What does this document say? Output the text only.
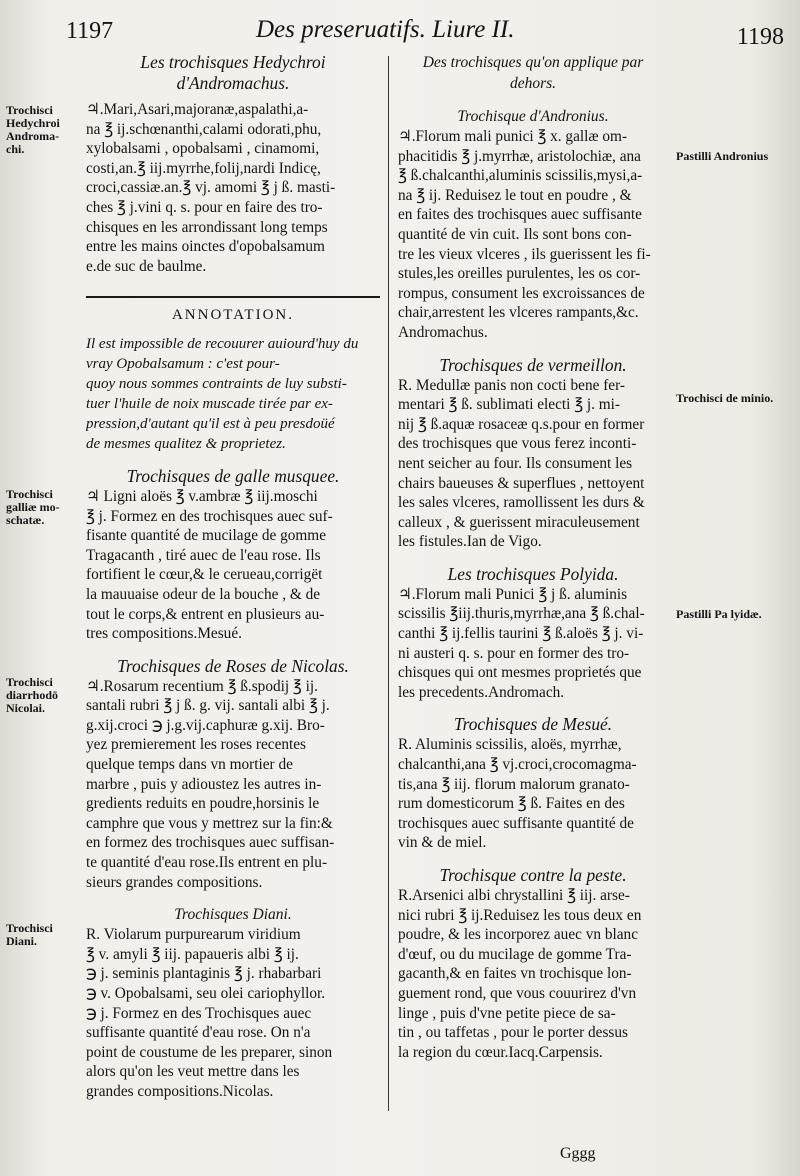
1197	Des preseruatifs. Liure II.	1198
Les trochisques Hedychroi d'Andromachus.
♃.Mari,Asari,majoranæ,aspalathi,a-
na ℥ ij.schœnanthi,calami odorati,phu,
xylobalsami , opobalsami , cinamomi,
costi,an.℥ iij.myrrhe,folij,nardi Indicę,
croci,cassiæ.an.℥ vj. amomi ℥ j ß. masti-
ches ℥ j.vini q. s. pour en faire des tro-
chisques en les arrondissant long temps
entre les mains oinctes d'opobalsamum
e.de suc de baulme.
ANNOTATION.
Il est impossible de recouurer auiourd'huy du vray Opobalsamum : c'est pour-
quoy nous sommes contraints de luy substi-
tuer l'huile de noix muscade tirée par ex-
pression,d'autant qu'il est à peu presdoüé
de mesmes qualitez & proprietez.
Trochisques de galle musquee.
♃ Ligni aloës ℥ v.ambræ ℥ iij.moschi
℥ j. Formez en des trochisques auec suf-
fisante quantité de mucilage de gomme
Tragacanth , tiré auec de l'eau rose. Ils
fortifient le cœur,& le cerueau,corrigët
la mauuaise odeur de la bouche , & de
tout le corps,& entrent en plusieurs au-
tres compositions.Mesué.
Trochisques de Roses de Nicolas.
♃.Rosarum recentium ℥ ß.spodij ℥ ij.
santali rubri ℥ j ß. g. vij. santali albi ℥ j.
g.xij.croci ℈ j.g.vij.caphuræ g.xij. Bro-
yez premierement les roses recentes
quelque temps dans vn mortier de
marbre , puis y adioustez les autres in-
gredients reduits en poudre,horsinis le
camphre que vous y mettrez sur la fin:&
en formez des trochisques auec suffisan-
te quantité d'eau rose.Ils entrent en plu-
sieurs grandes compositions.
Trochisques Diani.
R. Violarum purpurearum viridium
℥ v. amyli ℥ iij. papaueris albi ℥ ij.
℈ j. seminis plantaginis ℥ j. rhabarbari
℈ v. Opobalsami, seu olei cariophyllor.
℈ j. Formez en des Trochisques auec
suffisante quantité d'eau rose. On n'a
point de coustume de les preparer, sinon
alors qu'on les veut mettre dans les
grandes compositions.Nicolas.
Des trochisques qu'on applique par dehors.
Trochisque d'Andronius.
♃.Florum mali punici ℥ x. gallæ om-
phacitidis ℥ j.myrrhæ, aristolochiæ, ana
℥ ß.chalcanthi,aluminis scissilis,mysi,a-
na ℥ ij. Reduisez le tout en poudre , &
en faites des trochisques auec suffisante
quantité de vin cuit. Ils sont bons con-
tre les vieux vlceres , ils guerissent les fi-
stules,les oreilles purulentes, les os cor-
rompus, consument les excroissances de
chair,arrestent les vlceres rampants,&c.
Andromachus.
Trochisques de vermeillon.
R. Medullæ panis non cocti bene fer-
mentari ℥ ß. sublimati electi ℥ j. mi-
nij ℥ ß.aquæ rosaceæ q.s.pour en former
des trochisques que vous ferez inconti-
nent seicher au four. Ils consument les
chairs baueuses & superflues , nettoyent
les sales vlceres, ramollissent les durs &
calleux , & guerissent miraculeusement
les fistules.Ian de Vigo.
Les trochisques Polyida.
♃.Florum mali Punici ℥ j ß. aluminis
scissilis ℥iij.thuris,myrrhæ,ana ℥ ß.chal-
canthi ℥ ij.fellis taurini ℥ ß.aloës ℥ j. vi-
ni austeri q. s. pour en former des tro-
chisques qui ont mesmes proprietés que
les precedents.Andromach.
Trochisques de Mesué.
R. Aluminis scissilis, aloës, myrrhæ,
chalcanthi,ana ℥ vj.croci,crocomagma-
tis,ana ℥ iij. florum malorum granato-
rum domesticorum ℥ ß. Faites en des
trochisques auec suffisante quantité de
vin & de miel.
Trochisque contre la peste.
R.Arsenici albi chrystallini ℥ iij. arse-
nici rubri ℥ ij.Reduisez les tous deux en
poudre, & les incorporez auec vn blanc
d'œuf, ou du mucilage de gomme Tra-
gacanth,& en faites vn trochisque lon-
guement rond, que vous couurirez d'vn
linge , puis d'vne petite piece de sa-
tin , ou taffetas , pour le porter dessus
la region du cœur.Iacq.Carpensis.
Trochisci Hedychroi Androma-chi.
Trochisci galliæ mo-schatæ.
Trochisci diarrhodō Nicolai.
Trochisci Diani.
Pastilli Andronius
Trochisci de minio.
Pastilli Pa lyidæ.
Gggg
